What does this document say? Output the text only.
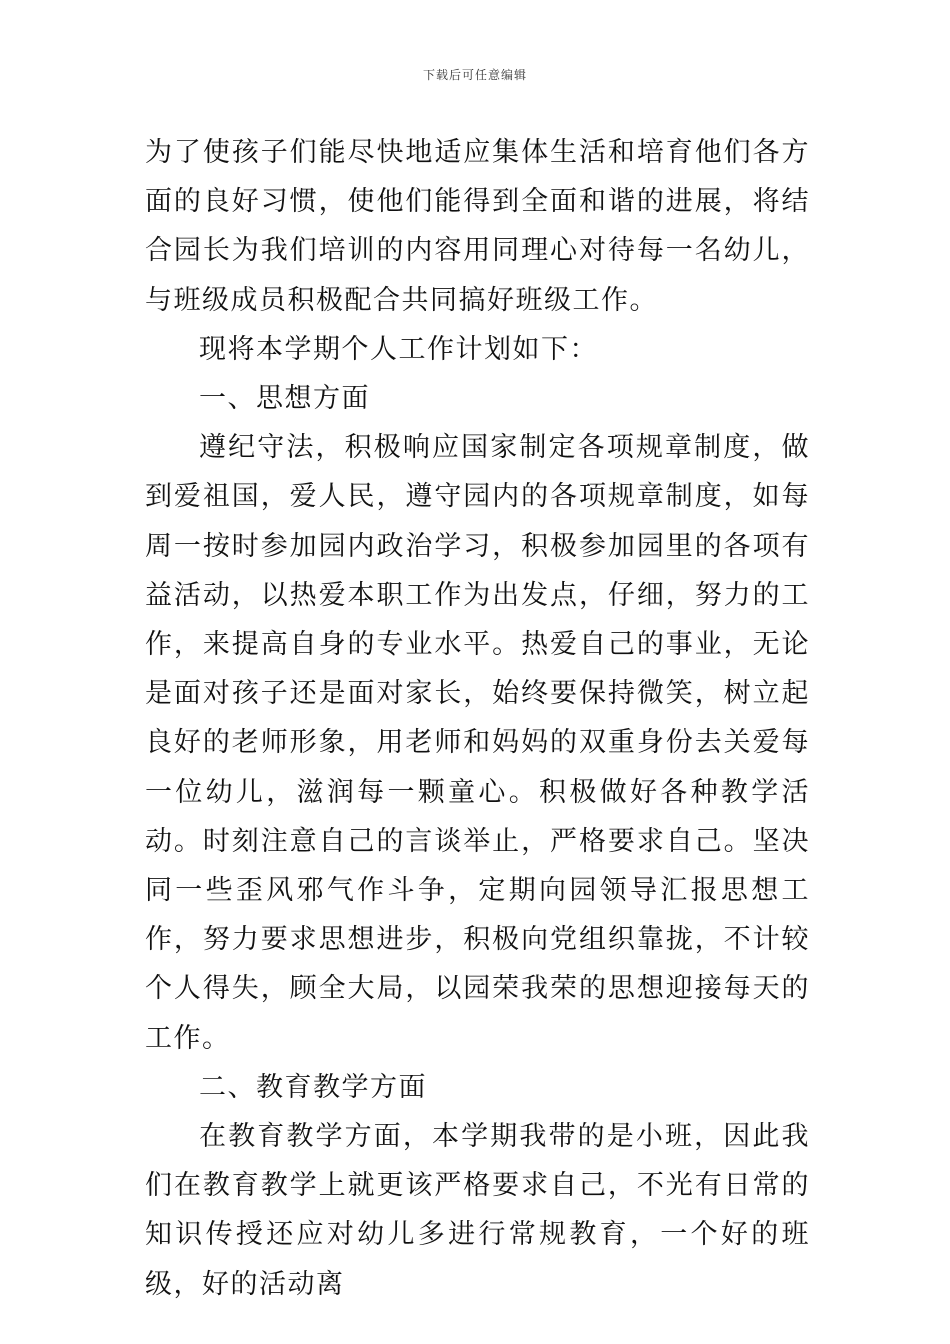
下载后可任意编辑

为了使孩子们能尽快地适应集体生活和培育他们各方面的良好习惯，使他们能得到全面和谐的进展，将结合园长为我们培训的内容用同理心对待每一名幼儿，与班级成员积极配合共同搞好班级工作。

现将本学期个人工作计划如下：

一、思想方面

遵纪守法，积极响应国家制定各项规章制度，做到爱祖国，爱人民，遵守园内的各项规章制度，如每周一按时参加园内政治学习，积极参加园里的各项有益活动，以热爱本职工作为出发点，仔细，努力的工作，来提高自身的专业水平。热爱自己的事业，无论是面对孩子还是面对家长，始终要保持微笑，树立起良好的老师形象，用老师和妈妈的双重身份去关爱每一位幼儿，滋润每一颗童心。积极做好各种教学活动。时刻注意自己的言谈举止，严格要求自己。坚决同一些歪风邪气作斗争，定期向园领导汇报思想工作，努力要求思想进步，积极向党组织靠拢，不计较个人得失，顾全大局，以园荣我荣的思想迎接每天的工作。

二、教育教学方面

在教育教学方面，本学期我带的是小班，因此我们在教育教学上就更该严格要求自己，不光有日常的知识传授还应对幼儿多进行常规教育，一个好的班级，好的活动离
